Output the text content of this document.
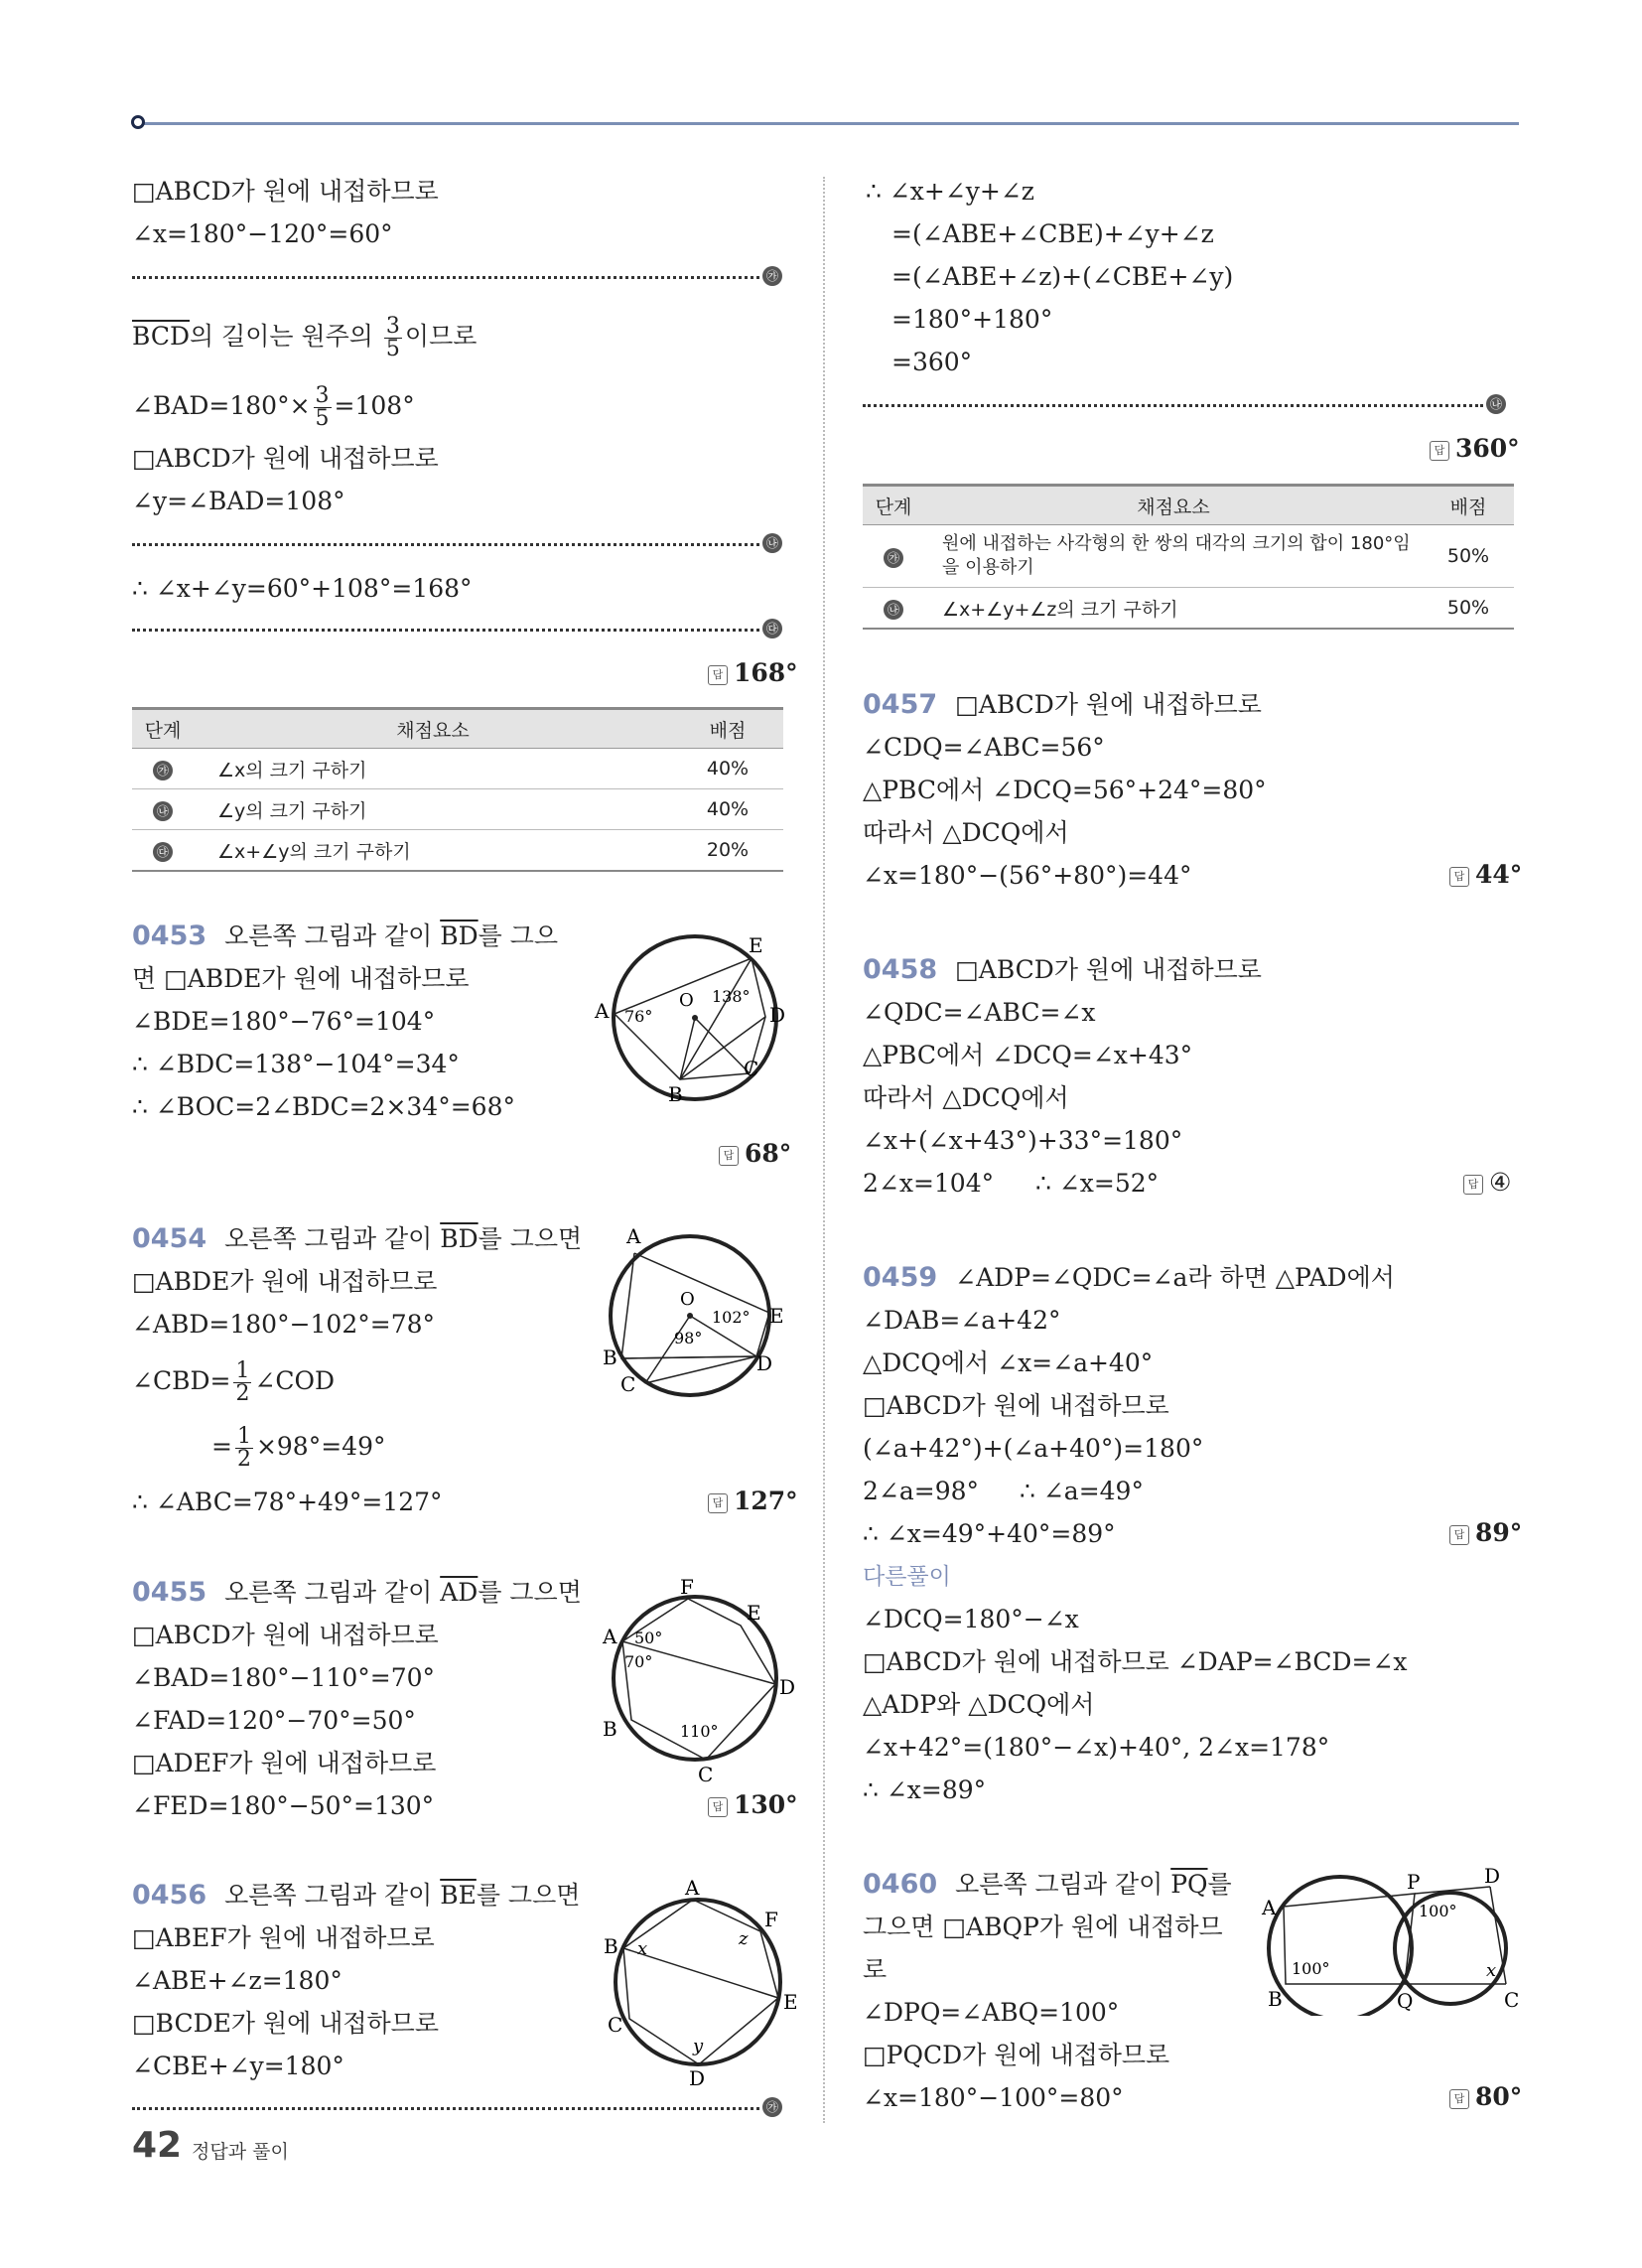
□ABCD가 원에 내접하므로
∠x=180°−120°=60°
㉮
$\overline{BCD}$의 길이는 원주의 $\frac{3}{5}$ 이므로
∠BAD=180°× $\frac{3}{5} =108^\circ$
□ABCD가 원에 내접하므로
∠y=∠BAD=108°
㉯
∴ ∠x+∠y=60°+108°=168°
㉰
답 168°
단계	채점요소	배점
㉮	∠x의 크기 구하기	40%
㉯	∠y의 크기 구하기	40%
㉰	∠x+∠y의 크기 구하기	20%
0453 오른쪽 그림과 같이 $\overline{BD}$를 그으
면 □ABDE가 원에 내접하므로
∠BDE=180°−76°=104°
∴ ∠BDC=138°−104°=34°
∴ ∠BOC=2∠BDC=2×34°=68°
답 68°
E
D
A
B
C
O
76°
138°
0454 오른쪽 그림과 같이 $\overline{BD}$를 그으면
□ABDE가 원에 내접하므로
∠ABD=180°−102°=78°
∠CBD= $\frac{1}{2}$ ∠COD
= $\frac{1}{2} \times 98^\circ=49^\circ$
∴ ∠ABC=78°+49°=127°	답 127°
A
B
C
D
E
O
102°
98°
0455 오른쪽 그림과 같이 $\overline{AD}$를 그으면
□ABCD가 원에 내접하므로
∠BAD=180°−110°=70°
∠FAD=120°−70°=50°
□ADEF가 원에 내접하므로
∠FED=180°−50°=130°	답 130°
F
E
A
D
B
C
50°
70°
110°
0456 오른쪽 그림과 같이 $\overline{BE}$를 그으면
□ABEF가 원에 내접하므로
∠ABE+∠z=180°
□BCDE가 원에 내접하므로
∠CBE+∠y=180°
㉮
A
F
B
E
C
D
x
y
z
∴ ∠x+∠y+∠z
=(∠ABE+∠CBE)+∠y+∠z
=(∠ABE+∠z)+(∠CBE+∠y)
=180°+180°
=360°
㉯
답 360°
단계	채점요소	배점
㉮	원에 내접하는 사각형의 한 쌍의 대각의 크기의 합이 180°임
을 이용하기	50%
㉯	∠x+∠y+∠z의 크기 구하기	50%
0457 □ABCD가 원에 내접하므로
∠CDQ=∠ABC=56°
△PBC에서 ∠DCQ=56°+24°=80°
따라서 △DCQ에서
∠x=180°−(56°+80°)=44°	답 44°
0458 □ABCD가 원에 내접하므로
∠QDC=∠ABC=∠x
△PBC에서 ∠DCQ=∠x+43°
따라서 △DCQ에서
∠x+(∠x+43°)+33°=180°
2∠x=104° ∴ ∠x=52°	답 ④
0459 ∠ADP=∠QDC=∠a라 하면 △PAD에서
∠DAB=∠a+42°
△DCQ에서 ∠x=∠a+40°
□ABCD가 원에 내접하므로
(∠a+42°)+(∠a+40°)=180°
2∠a=98° ∴ ∠a=49°
∴ ∠x=49°+40°=89°	답 89°
다른풀이
∠DCQ=180°−∠x
□ABCD가 원에 내접하므로 ∠DAP=∠BCD=∠x
△ADP와 △DCQ에서
∠x+42°=(180°−∠x)+40°, 2∠x=178°
∴ ∠x=89°
0460 오른쪽 그림과 같이 $\overline{PQ}$를
그으면 □ABQP가 원에 내접하므
로
∠DPQ=∠ABQ=100°
□PQCD가 원에 내접하므로
∠x=180°−100°=80°	답 80°
A
B	C
D
P
Q
100°
100°	x
42 정답과 풀이
